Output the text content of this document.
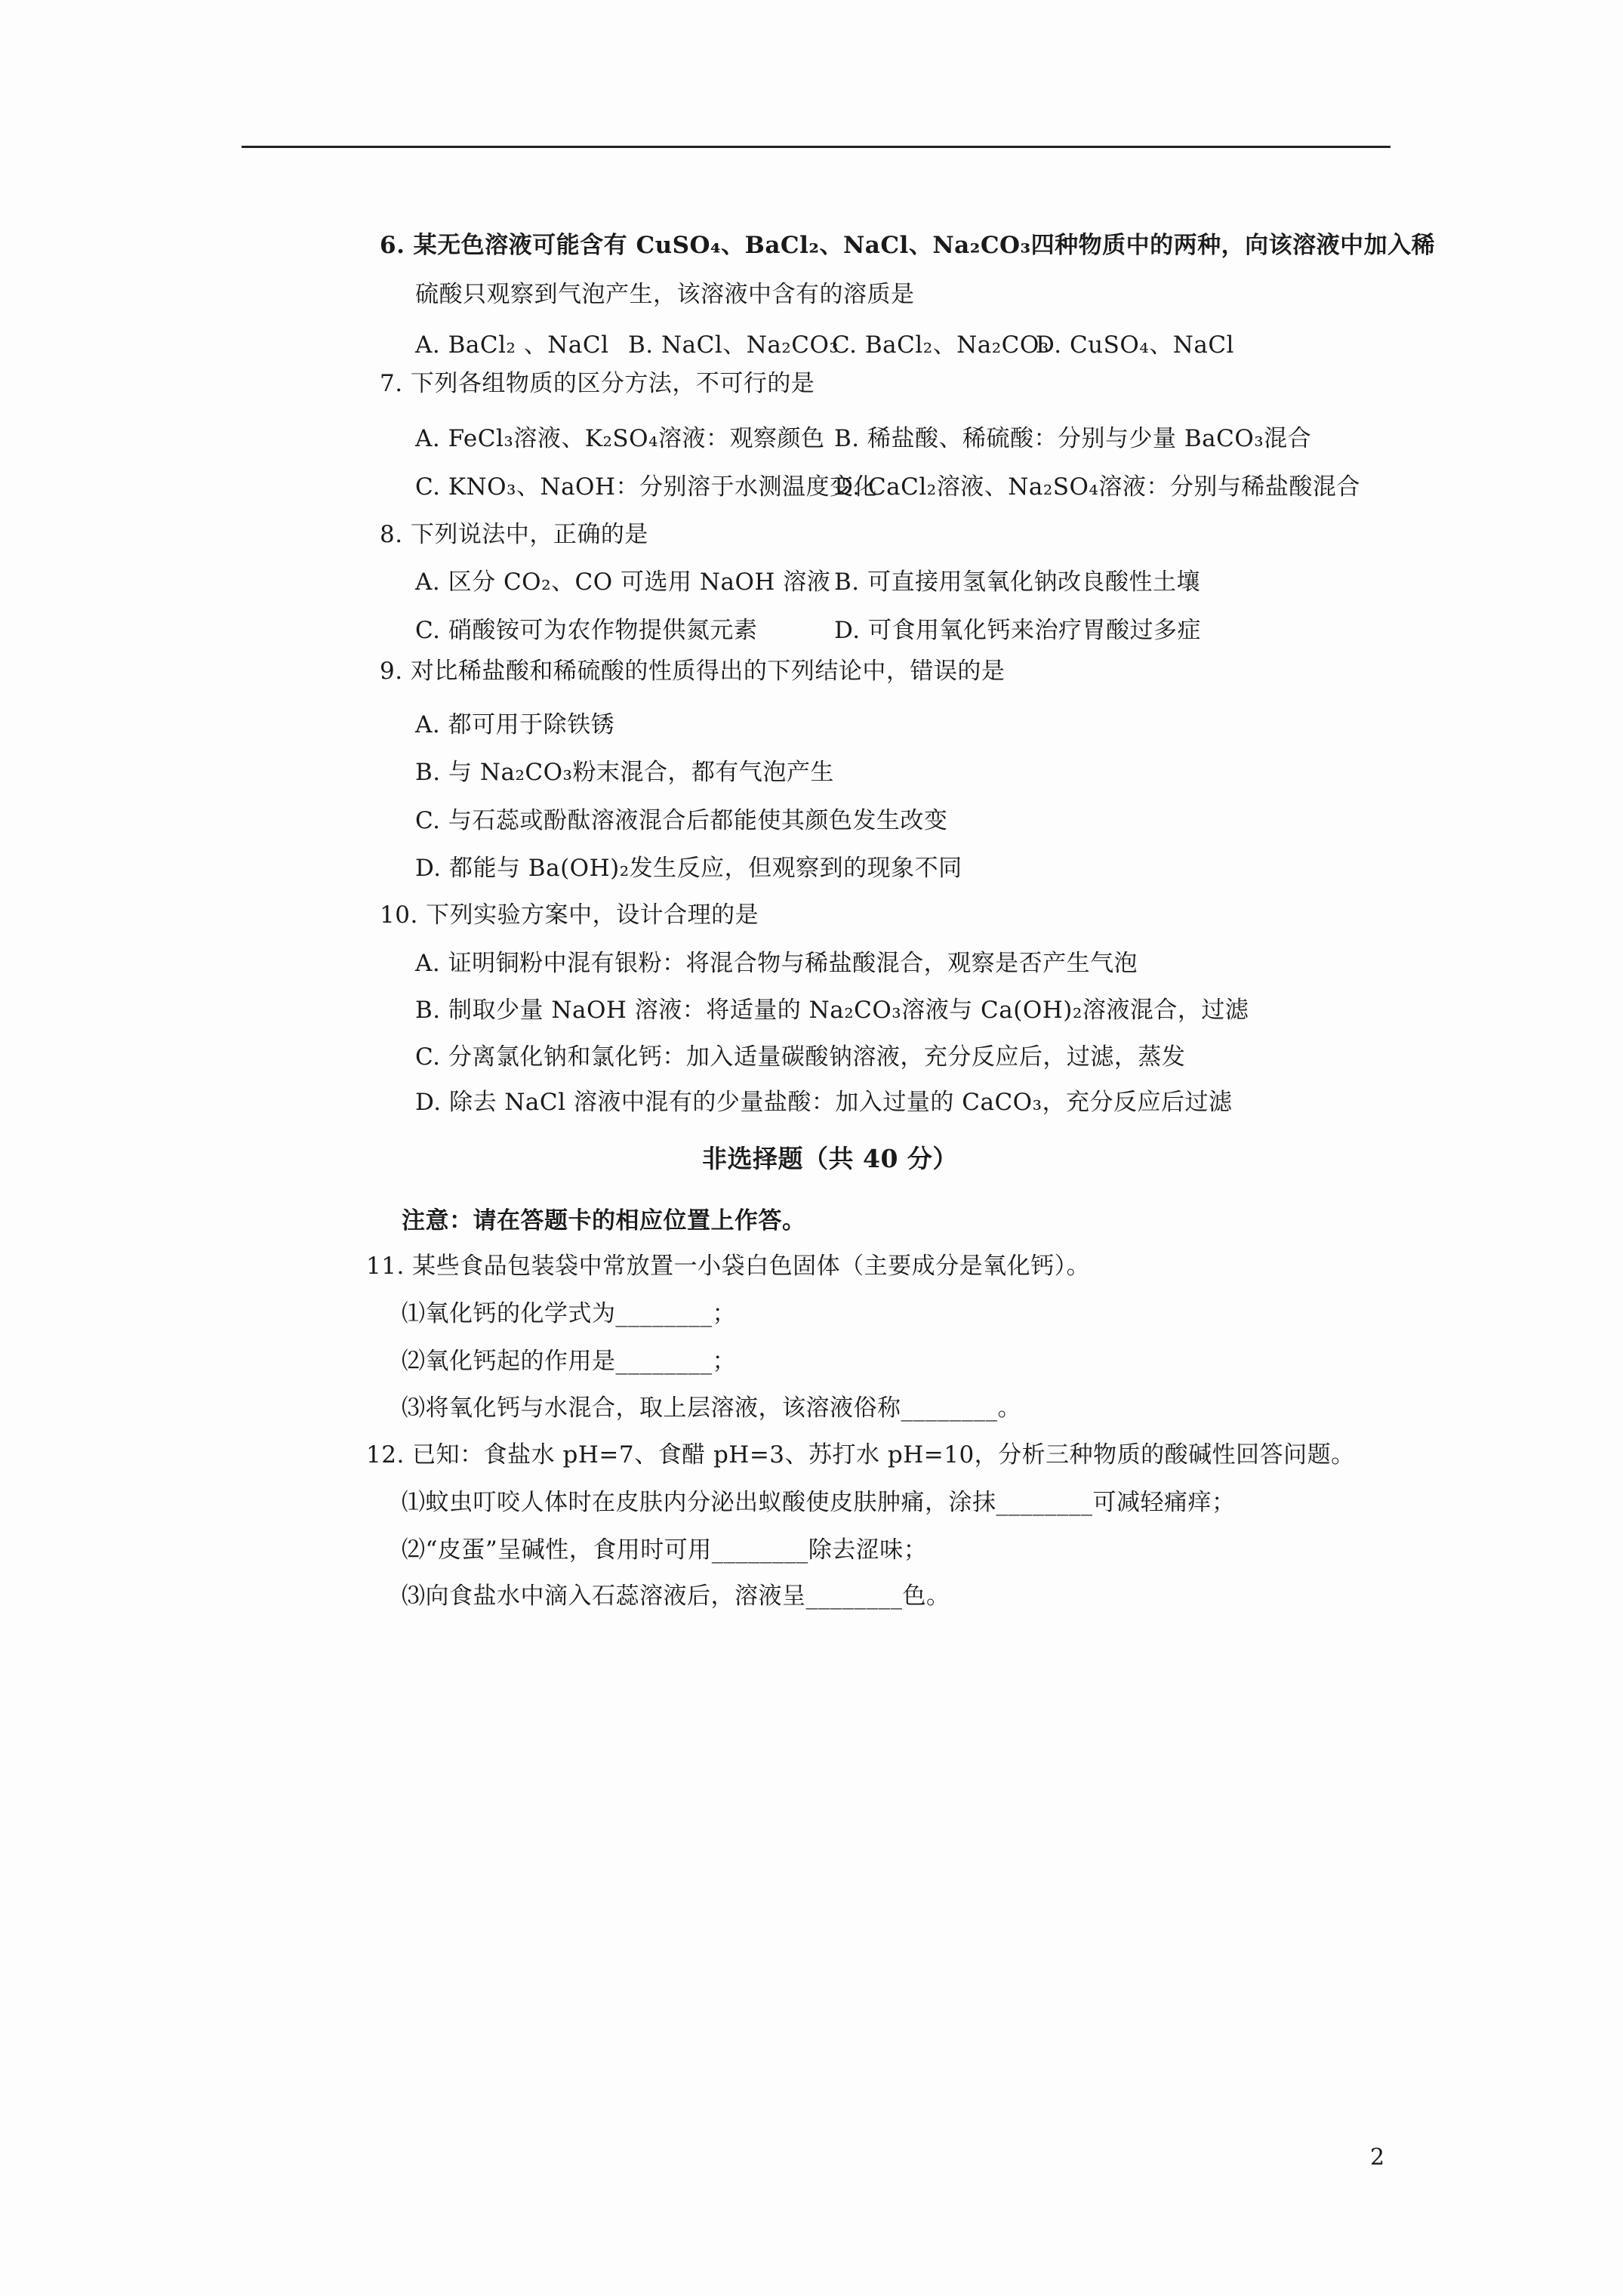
6. 某无色溶液可能含有 CuSO₄、BaCl₂、NaCl、Na₂CO₃四种物质中的两种，向该溶液中加入稀
硫酸只观察到气泡产生，该溶液中含有的溶质是
A. BaCl₂ 、NaCl B. NaCl、Na₂CO₃
C. BaCl₂、Na₂CO₃
D. CuSO₄、NaCl
7. 下列各组物质的区分方法，不可行的是
A. FeCl₃溶液、K₂SO₄溶液：观察颜色 B. 稀盐酸、稀硫酸：分别与少量 BaCO₃混合
C. KNO₃、NaOH：分别溶于水测温度变化
D. CaCl₂溶液、Na₂SO₄溶液：分别与稀盐酸混合
8. 下列说法中，正确的是
A. 区分 CO₂、CO 可选用 NaOH 溶液 B. 可直接用氢氧化钠改良酸性土壤
C. 硝酸铵可为农作物提供氮元素	D. 可食用氧化钙来治疗胃酸过多症
9. 对比稀盐酸和稀硫酸的性质得出的下列结论中，错误的是
A. 都可用于除铁锈
B. 与 Na₂CO₃粉末混合，都有气泡产生
C. 与石蕊或酚酞溶液混合后都能使其颜色发生改变
D. 都能与 Ba(OH)₂发生反应，但观察到的现象不同
10. 下列实验方案中，设计合理的是
A. 证明铜粉中混有银粉：将混合物与稀盐酸混合，观察是否产生气泡
B. 制取少量 NaOH 溶液：将适量的 Na₂CO₃溶液与 Ca(OH)₂溶液混合，过滤
C. 分离氯化钠和氯化钙：加入适量碳酸钠溶液，充分反应后，过滤，蒸发
D. 除去 NaCl 溶液中混有的少量盐酸：加入过量的 CaCO₃，充分反应后过滤
非选择题（共 40 分）
注意：请在答题卡的相应位置上作答。
11. 某些食品包装袋中常放置一小袋白色固体（主要成分是氧化钙）。
⑴氧化钙的化学式为________；
⑵氧化钙起的作用是________；
⑶将氧化钙与水混合，取上层溶液，该溶液俗称________。
12. 已知：食盐水 pH=7、食醋 pH=3、苏打水 pH=10，分析三种物质的酸碱性回答问题。
⑴蚊虫叮咬人体时在皮肤内分泌出蚁酸使皮肤肿痛，涂抹________可减轻痛痒；
⑵“皮蛋”呈碱性，食用时可用________除去涩味；
⑶向食盐水中滴入石蕊溶液后，溶液呈________色。
2
